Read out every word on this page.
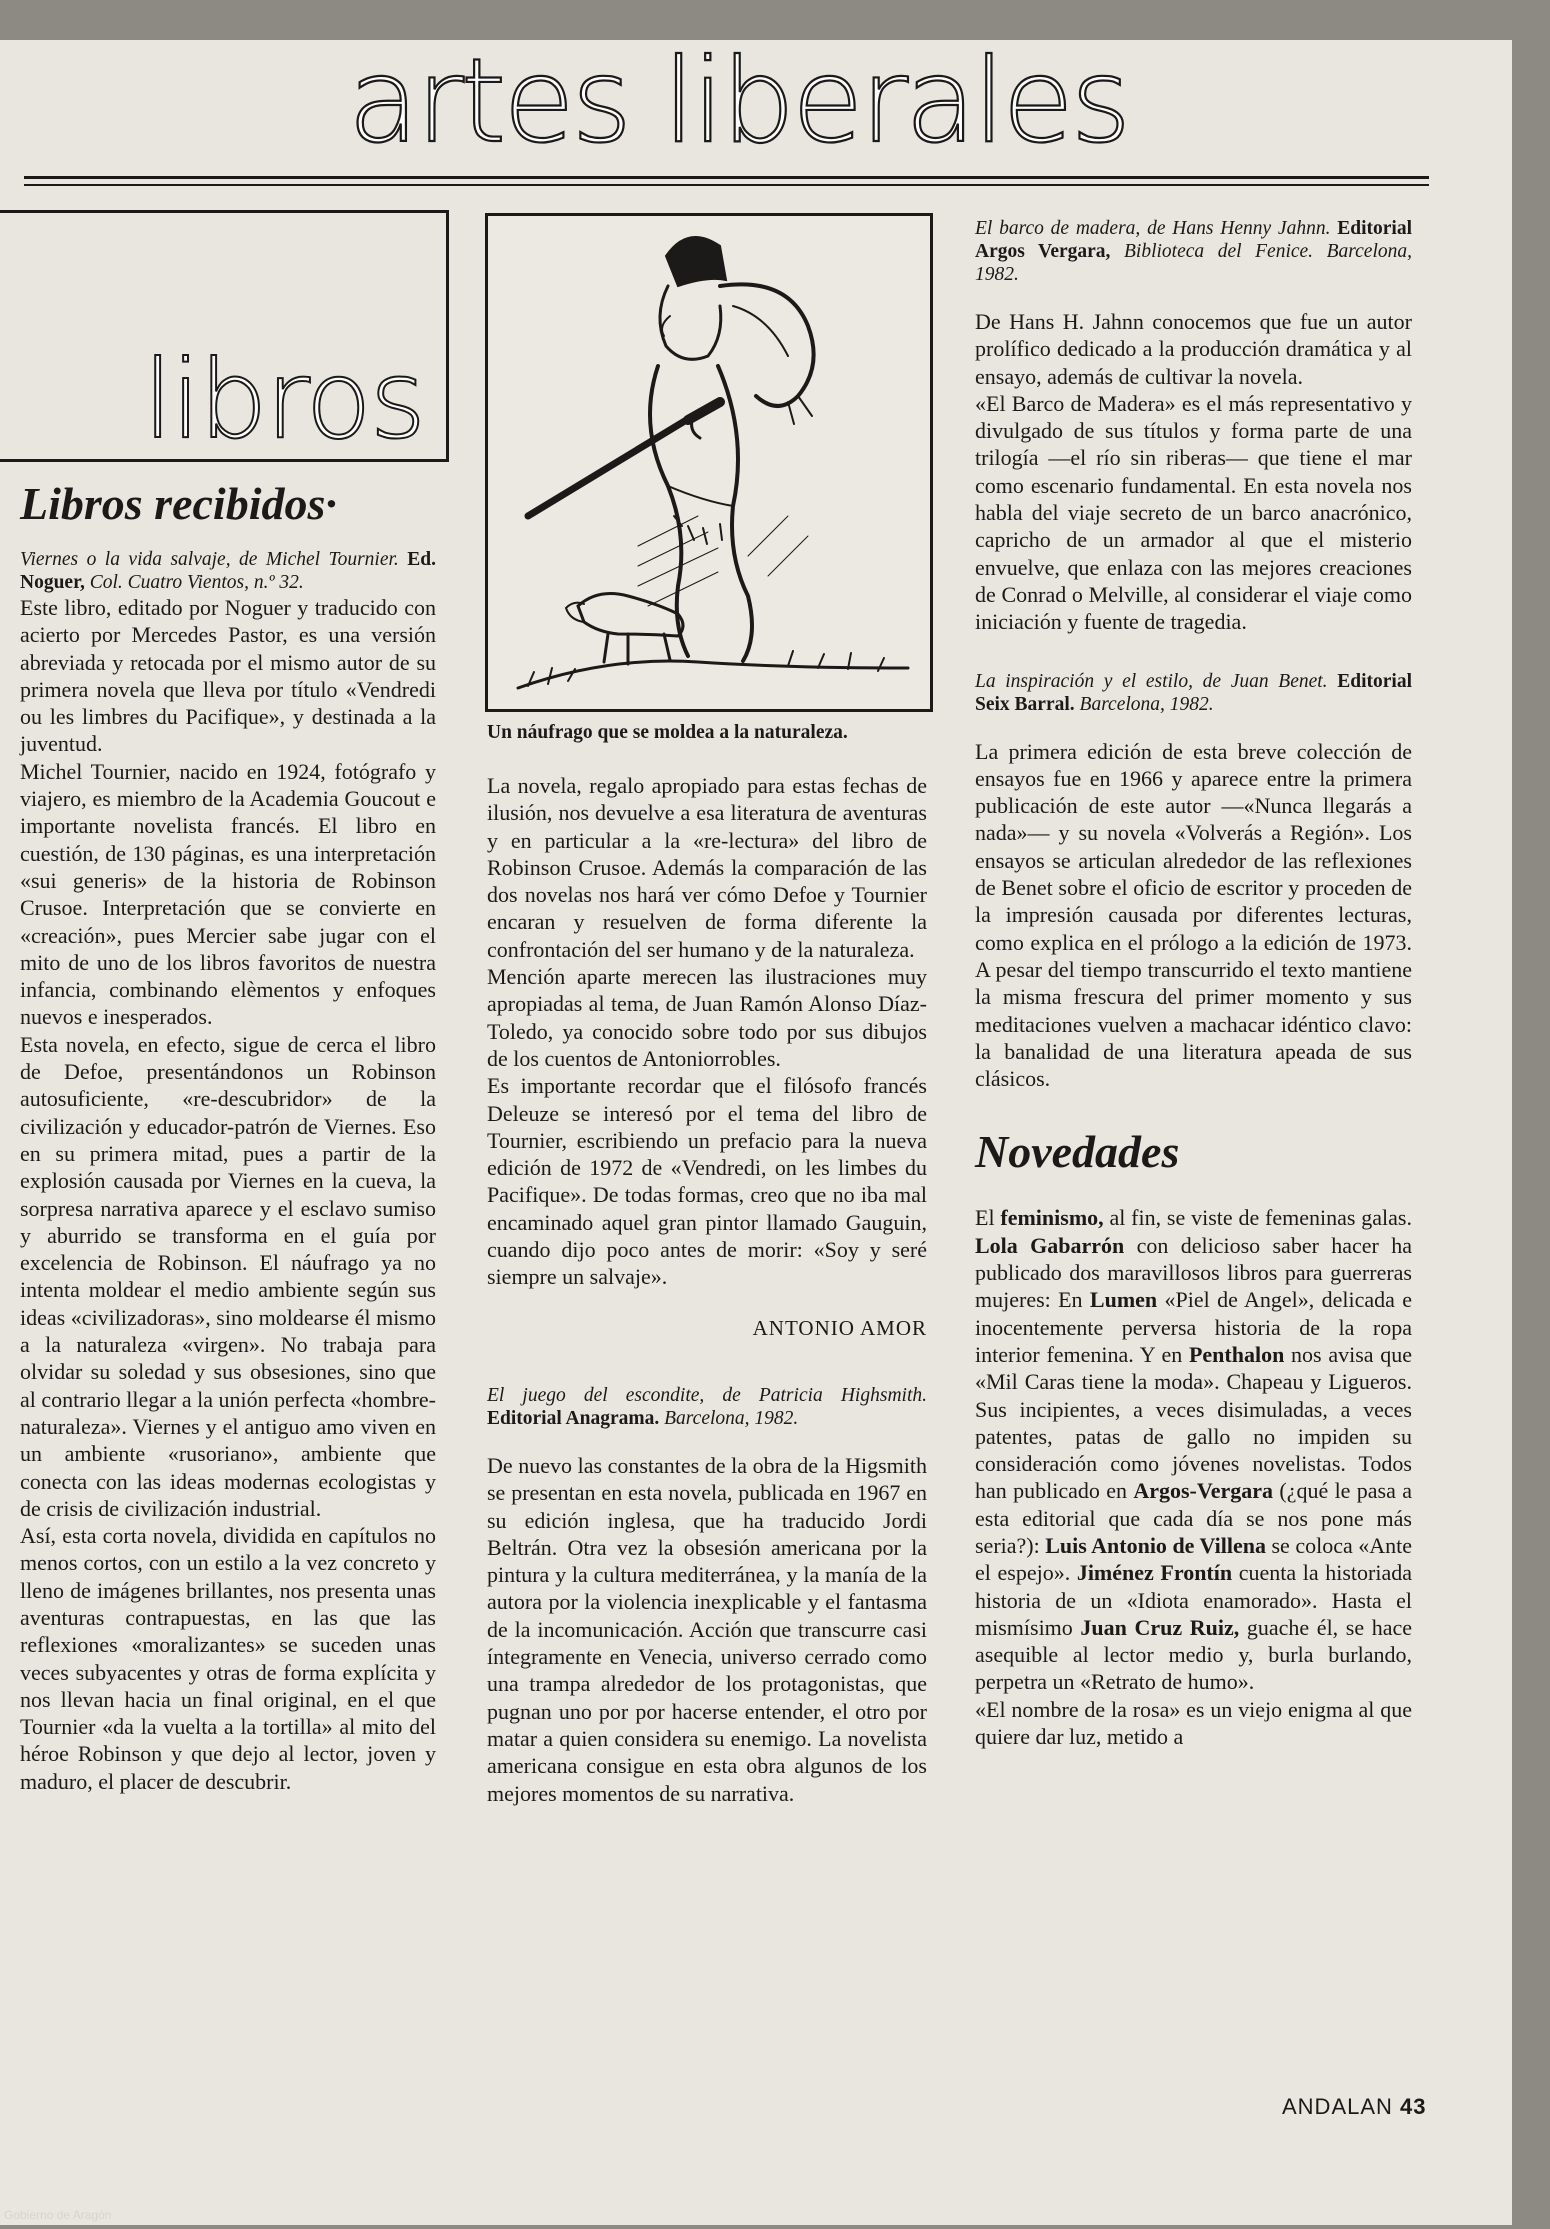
artes liberales
libros
Libros recibidos·

Viernes o la vida salvaje, de Michel Tournier. Ed. Noguer, Col. Cuatro Vientos, n.º 32.

Este libro, editado por Noguer y traducido con acierto por Mercedes Pastor, es una versión abreviada y retocada por el mismo autor de su primera novela que lleva por título «Vendredi ou les limbres du Pacifique», y destinada a la juventud.

Michel Tournier, nacido en 1924, fotógrafo y viajero, es miembro de la Academia Goucout e importante novelista francés. El libro en cuestión, de 130 páginas, es una interpretación «sui generis» de la historia de Robinson Crusoe. Interpretación que se convierte en «creación», pues Mercier sabe jugar con el mito de uno de los libros favoritos de nuestra infancia, combinando elèmentos y enfoques nuevos e inesperados.

Esta novela, en efecto, sigue de cerca el libro de Defoe, presentándonos un Robinson autosuficiente, «re-descubridor» de la civilización y educador-patrón de Viernes. Eso en su primera mitad, pues a partir de la explosión causada por Viernes en la cueva, la sorpresa narrativa aparece y el esclavo sumiso y aburrido se transforma en el guía por excelencia de Robinson. El náufrago ya no intenta moldear el medio ambiente según sus ideas «civilizadoras», sino moldearse él mismo a la naturaleza «virgen». No trabaja para olvidar su soledad y sus obsesiones, sino que al contrario llegar a la unión perfecta «hombre-naturaleza». Viernes y el antiguo amo viven en un ambiente «rusoriano», ambiente que conecta con las ideas modernas ecologistas y de crisis de civilización industrial.

Así, esta corta novela, dividida en capítulos no menos cortos, con un estilo a la vez concreto y lleno de imágenes brillantes, nos presenta unas aventuras contrapuestas, en las que las reflexiones «moralizantes» se suceden unas veces subyacentes y otras de forma explícita y nos llevan hacia un final original, en el que Tournier «da la vuelta a la tortilla» al mito del héroe Robinson y que dejo al lector, joven y maduro, el placer de descubrir.

Un náufrago que se moldea a la naturaleza.

La novela, regalo apropiado para estas fechas de ilusión, nos devuelve a esa literatura de aventuras y en particular a la «re-lectura» del libro de Robinson Crusoe. Además la comparación de las dos novelas nos hará ver cómo Defoe y Tournier encaran y resuelven de forma diferente la confrontación del ser humano y de la naturaleza.

Mención aparte merecen las ilustraciones muy apropiadas al tema, de Juan Ramón Alonso Díaz-Toledo, ya conocido sobre todo por sus dibujos de los cuentos de Antoniorrobles.

Es importante recordar que el filósofo francés Deleuze se interesó por el tema del libro de Tournier, escribiendo un prefacio para la nueva edición de 1972 de «Vendredi, on les limbes du Pacifique». De todas formas, creo que no iba mal encaminado aquel gran pintor llamado Gauguin, cuando dijo poco antes de morir: «Soy y seré siempre un salvaje».

ANTONIO AMOR

El juego del escondite, de Patricia Highsmith. Editorial Anagrama. Barcelona, 1982.

De nuevo las constantes de la obra de la Higsmith se presentan en esta novela, publicada en 1967 en su edición inglesa, que ha traducido Jordi Beltrán. Otra vez la obsesión americana por la pintura y la cultura mediterránea, y la manía de la autora por la violencia inexplicable y el fantasma de la incomunicación. Acción que transcurre casi íntegramente en Venecia, universo cerrado como una trampa alrededor de los protagonistas, que pugnan uno por por hacerse entender, el otro por matar a quien considera su enemigo. La novelista americana consigue en esta obra algunos de los mejores momentos de su narrativa.

El barco de madera, de Hans Henny Jahnn. Editorial Argos Vergara, Biblioteca del Fenice. Barcelona, 1982.

De Hans H. Jahnn conocemos que fue un autor prolífico dedicado a la producción dramática y al ensayo, además de cultivar la novela.

«El Barco de Madera» es el más representativo y divulgado de sus títulos y forma parte de una trilogía —el río sin riberas— que tiene el mar como escenario fundamental. En esta novela nos habla del viaje secreto de un barco anacrónico, capricho de un armador al que el misterio envuelve, que enlaza con las mejores creaciones de Conrad o Melville, al considerar el viaje como iniciación y fuente de tragedia.

La inspiración y el estilo, de Juan Benet. Editorial Seix Barral. Barcelona, 1982.

La primera edición de esta breve colección de ensayos fue en 1966 y aparece entre la primera publicación de este autor —«Nunca llegarás a nada»— y su novela «Volverás a Región». Los ensayos se articulan alrededor de las reflexiones de Benet sobre el oficio de escritor y proceden de la impresión causada por diferentes lecturas, como explica en el prólogo a la edición de 1973. A pesar del tiempo transcurrido el texto mantiene la misma frescura del primer momento y sus meditaciones vuelven a machacar idéntico clavo: la banalidad de una literatura apeada de sus clásicos.

Novedades

El feminismo, al fin, se viste de femeninas galas. Lola Gabarrón con delicioso saber hacer ha publicado dos maravillosos libros para guerreras mujeres: En Lumen «Piel de Angel», delicada e inocentemente perversa historia de la ropa interior femenina. Y en Penthalon nos avisa que «Mil Caras tiene la moda». Chapeau y Ligueros. Sus incipientes, a veces disimuladas, a veces patentes, patas de gallo no impiden su consideración como jóvenes novelistas. Todos han publicado en Argos-Vergara (¿qué le pasa a esta editorial que cada día se nos pone más seria?): Luis Antonio de Villena se coloca «Ante el espejo». Jiménez Frontín cuenta la historiada historia de un «Idiota enamorado». Hasta el mismísimo Juan Cruz Ruiz, guache él, se hace asequible al lector medio y, burla burlando, perpetra un «Retrato de humo».

«El nombre de la rosa» es un viejo enigma al que quiere dar luz, metido a

ANDALAN 43
Gobierno de Aragón
